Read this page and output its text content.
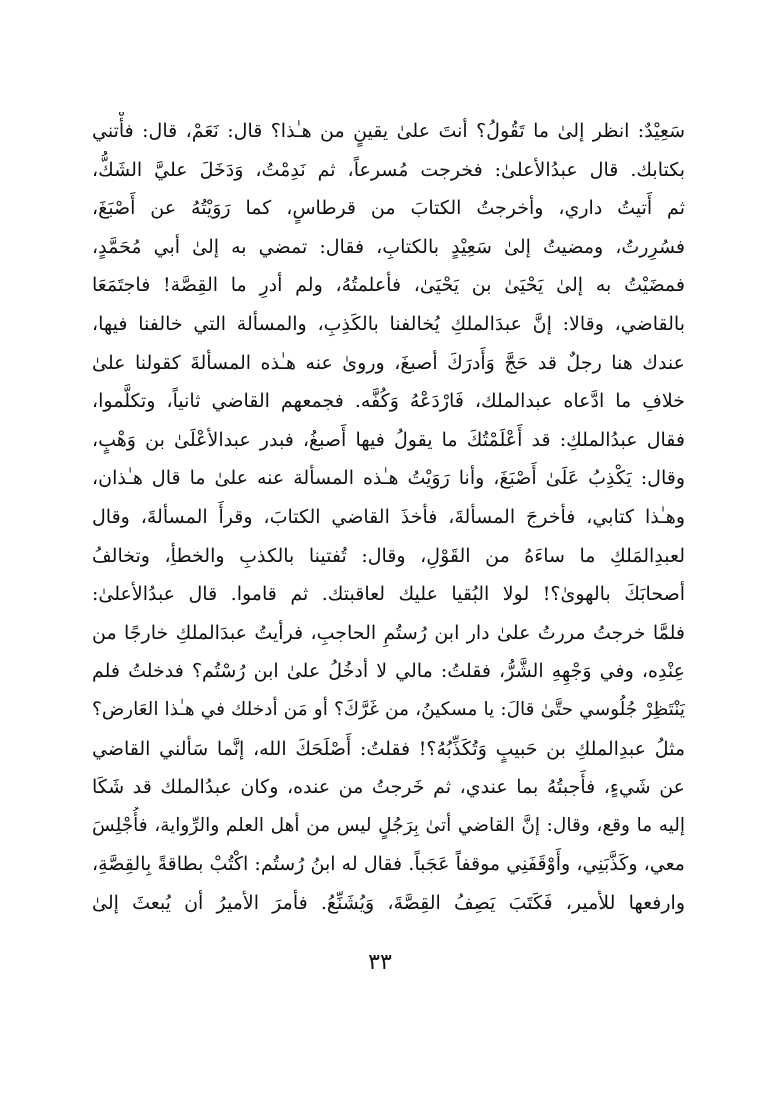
سَعِيْدٌ: انظر إلىٰ ما تَقُولُ؟ أنتَ علىٰ يقينٍ من هـٰذا؟ قال: نَعَمْ، قال: فأْتني
بكتابك. قال عبدُالأعلىٰ: فخرجت مُسرعاً، ثم نَدِمْتُ، وَدَخَلَ عليَّ الشَكُّ،
ثم أَتيتُ داري، وأخرجتُ الكتابَ من قرطاسٍ، كما رَوَيْتُهُ عن أَصْبَغَ،
فسُرِرتُ، ومضيتُ إلىٰ سَعِيْدٍ بالكتابِ، فقال: تمضي به إلىٰ أبي مُحَمَّدٍ،
فمضَيْتُ به إلىٰ يَحْيَىٰ بن يَحْيَىٰ، فأعلمتُهُ، ولم أدرِ ما القِصَّة! فاجتَمَعَا
بالقاضي، وقالا: إنَّ عبدَالملكِ يُخالفنا بالكَذِبِ، والمسألة التي خالفنا فيها،
عندك هنا رجلٌ قد حَجَّ وَأَدرَكَ أصبغَ، وروىٰ عنه هـٰذه المسألةَ كقولنا علىٰ
خلافِ ما ادَّعاه عبدالملك، فَارْدَعْهُ وَكُفَّه. فجمعهم القاضي ثانياً، وتكلَّموا،
فقال عبدُالملكِ: قد أَعْلَمْتُكَ ما يقولُ فيها أَصبغُ، فبدر عبدالأعْلَىٰ بن وَهْبٍ،
وقال: يَكْذِبُ عَلَىٰ أَصْبَغَ، وأنا رَوَيْتُ هـٰذه المسألة عنه علىٰ ما قال هـٰذان،
وهـٰذا كتابي، فأخرجَ المسألةَ، فأخذَ القاضي الكتابَ، وقرأَ المسألةَ، وقال
لعبدِالمَلكِ ما ساءَهُ من القَوْلِ، وقال: تُفتينا بالكذبِ والخطأِ، وتخالفُ
أصحابَكَ بالهوىٰ؟! لولا البُقيا عليك لعاقبتك. ثم قاموا. قال عبدُالأعلىٰ:
فلمَّا خرجتُ مررتُ علىٰ دار ابن رُستُمِ الحاجبِ، فرأيتُ عبدَالملكِ خارجًا من
عِنْدِه، وفي وَجْهِهِ الشَّرُّ، فقلتُ: مالي لا أدخُلُ علىٰ ابن رُسْتُم؟ فدخلتُ فلم
يَنْتَظِرْ جُلُوسي حتَّىٰ قالَ: يا مسكينُ، من غَرَّكَ؟ أو مَن أدخلك في هـٰذا العَارض؟
مثلُ عبدِالملكِ بن حَبيبٍ وَتُكَذِّبُهُ؟! فقلتُ: أَصْلَحَكَ الله، إنَّما سَألني القاضي
عن شَيءٍ، فأَجبتُهُ بما عندي، ثم خَرجتُ من عنده، وكان عبدُالملك قد شَكَا
إليه ما وقع، وقال: إنَّ القاضي أتىٰ بِرَجُلٍ ليس من أهل العلم والرِّواية، فأُجْلِسَ
معي، وكَذَّبَنِي، وأَوْقَفَنِي موقفاً عَجَباً. فقال له ابنُ رُستُم: اكْتُبْ بطاقةً بِالقِصَّةِ،
وارفعها للأمير، فَكَتَبَ يَصِفُ القِصَّةَ، وَيُشَنِّعُ. فأمرَ الأميرُ أن يُبعثَ إلىٰ
٣٣
